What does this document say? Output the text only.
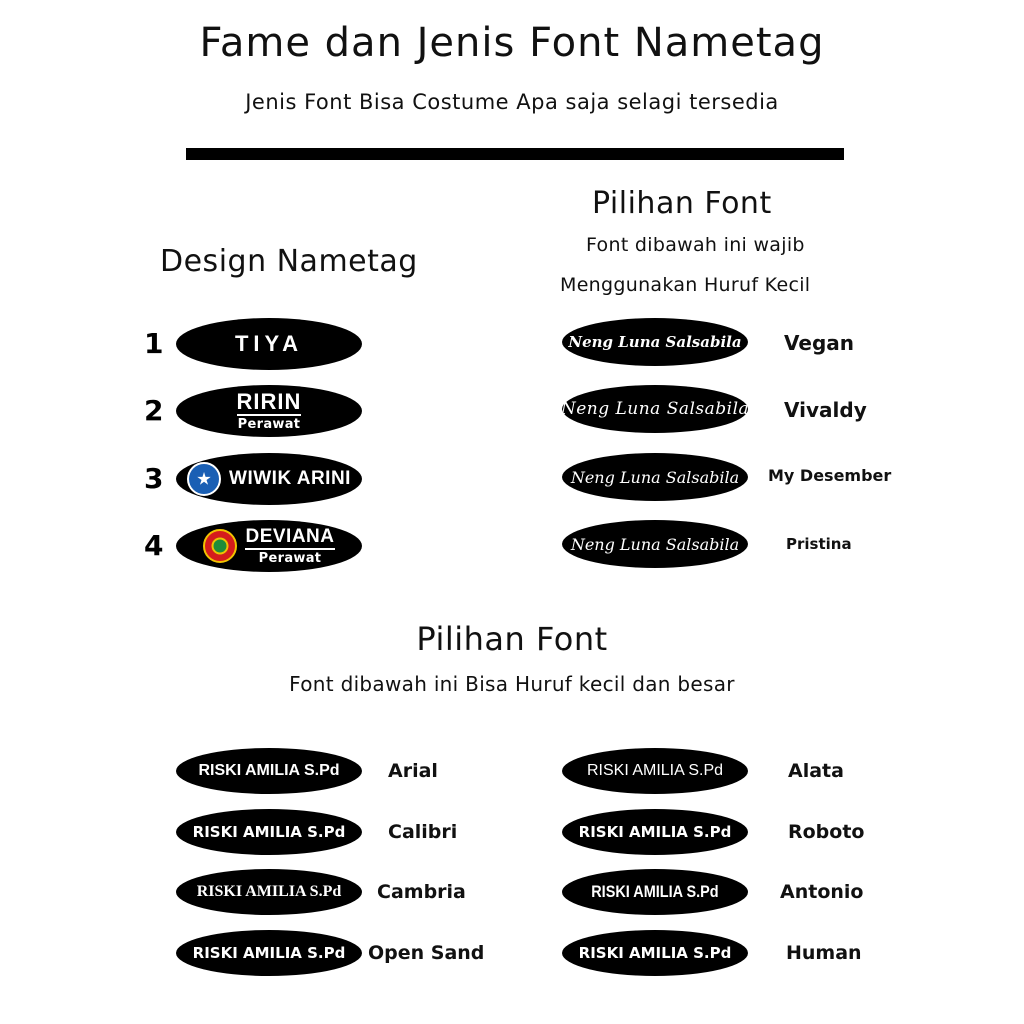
Fame dan Jenis Font Nametag
Jenis Font Bisa Costume Apa saja selagi tersedia
Design Nametag
1	TIYA
2	RIRIN
Perawat
3	WIWIK ARINI
4	DEVIANA
Perawat
Pilihan Font
Font dibawah ini wajib
Menggunakan Huruf Kecil
Neng Luna Salsabila Vegan
Neng Luna Salsabila Vivaldy
Neng Luna Salsabila My Desember
Neng Luna Salsabila	Pristina
Pilihan Font
Font dibawah ini Bisa Huruf kecil dan besar
RISKI AMILIA S.Pd	Arial
RISKI AMILIA S.Pd Calibri
RISKI AMILIA S.Pd Cambria
RISKI AMILIA S.Pd Open Sand
RISKI AMILIA S.Pd	Alata
RISKI AMILIA S.Pd	Roboto
RISKI AMILIA S.Pd	Antonio
RISKI AMILIA S.Pd	Human
